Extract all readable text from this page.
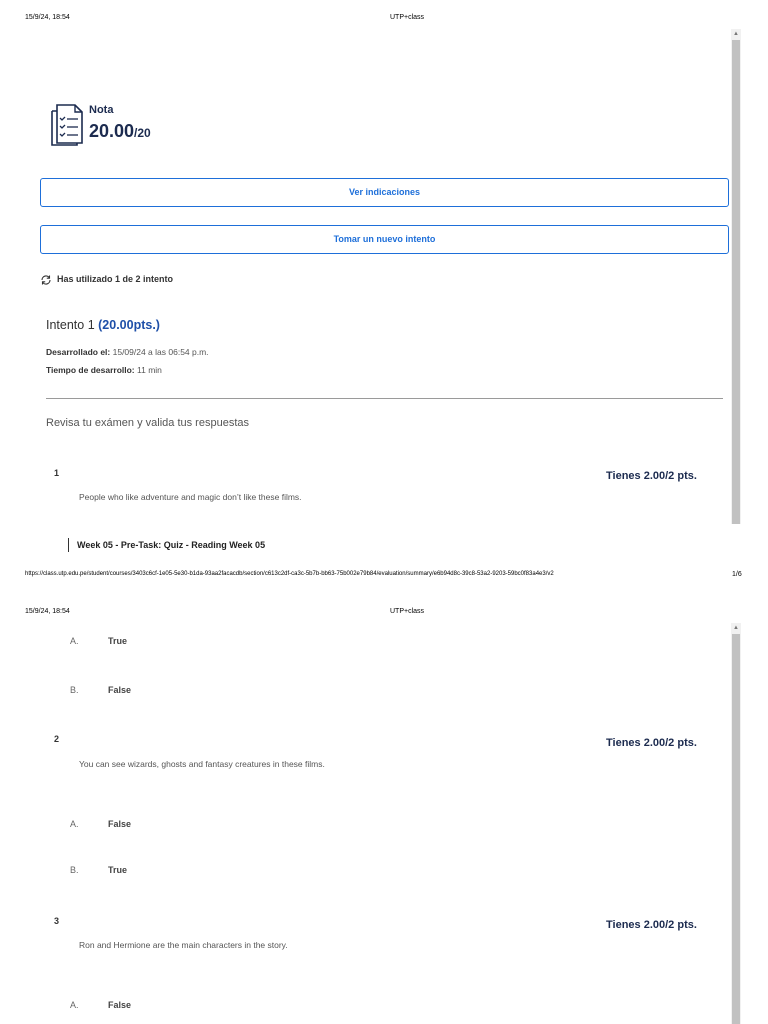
15/9/24, 18:54	UTP+class
▲
Nota
20.00/20
Ver indicaciones
Tomar un nuevo intento
Has utilizado 1 de 2 intento
Intento 1 (20.00pts.)
Desarrollado el: 15/09/24 a las 06:54 p.m.
Tiempo de desarrollo: 11 min
Revisa tu exámen y valida tus respuestas
1	Tienes 2.00/2 pts.
People who like adventure and magic don’t like these films.
Week 05 - Pre-Task: Quiz - Reading Week 05
https://class.utp.edu.pe/student/courses/3403c6cf-1e05-5e30-b1da-93aa2facacdb/section/c613c2df-ca3c-5b7b-bb63-75b002e79b84/evaluation/summary/e6b94d8c-39c8-53a2-9203-59bc0f83a4e3/v2	1/6
15/9/24, 18:54	UTP+class
▲
A.	True
B.	False
2	Tienes 2.00/2 pts.
You can see wizards, ghosts and fantasy creatures in these films.
A.	False
B.	True
3	Tienes 2.00/2 pts.
Ron and Hermione are the main characters in the story.
A.	False
